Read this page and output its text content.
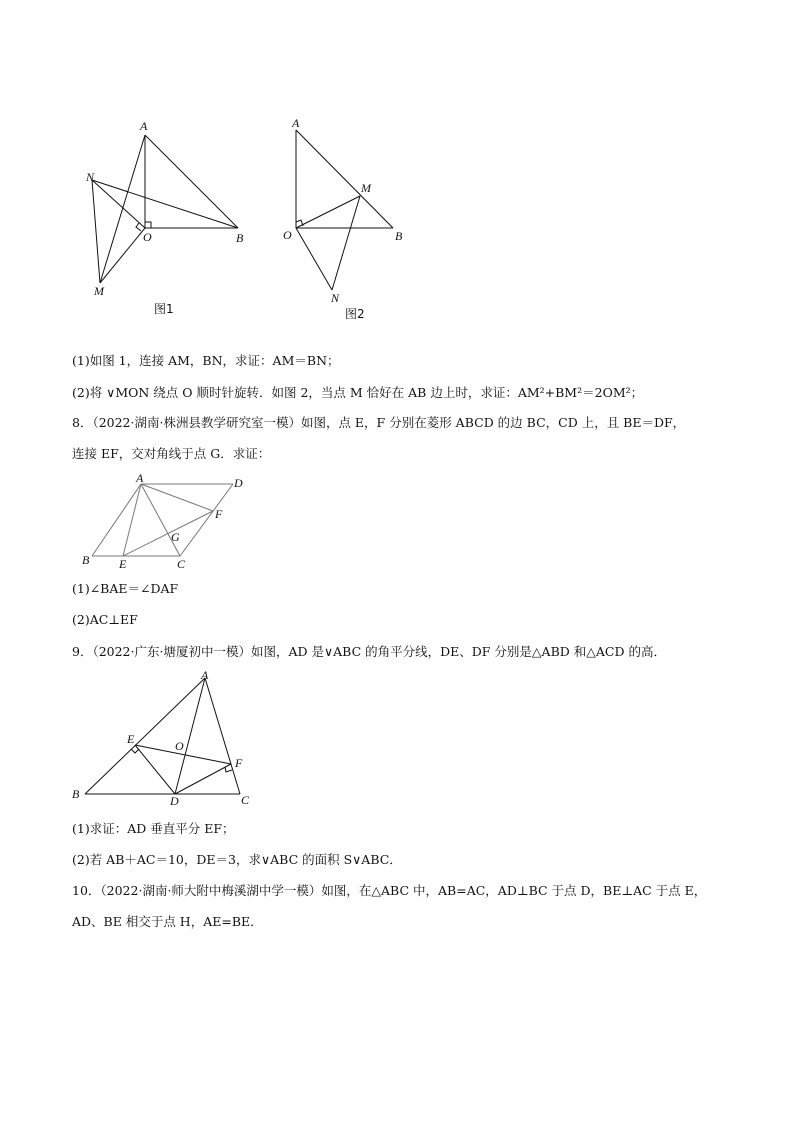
A
N
O	B
M
图1
A
M
O	B
N
图2
(1)如图 1，连接 AM，BN，求证：AM＝BN；
(2)将 ∨MON 绕点 O 顺时针旋转．如图 2，当点 M 恰好在 AB 边上时，求证：AM²+BM²＝2OM²；
8．（2022·湖南·株洲县教学研究室一模）如图，点 E，F 分别在菱形 ABCD 的边 BC，CD 上，且 BE＝DF，
连接 EF，交对角线于点 G．求证：
A	D
F
G
B E	C
(1)∠BAE＝∠DAF
(2)AC⊥EF
9．（2022·广东·塘厦初中一模）如图，AD 是∨ABC 的角平分线，DE、DF 分别是△ABD 和△ACD 的高．
A
E	O
F
B	D	C
(1)求证：AD 垂直平分 EF；
(2)若 AB＋AC＝10，DE＝3，求∨ABC 的面积 S∨ABC．
10．（2022·湖南·师大附中梅溪湖中学一模）如图，在△ABC 中，AB=AC，AD⊥BC 于点 D，BE⊥AC 于点 E，
AD、BE 相交于点 H，AE=BE．
